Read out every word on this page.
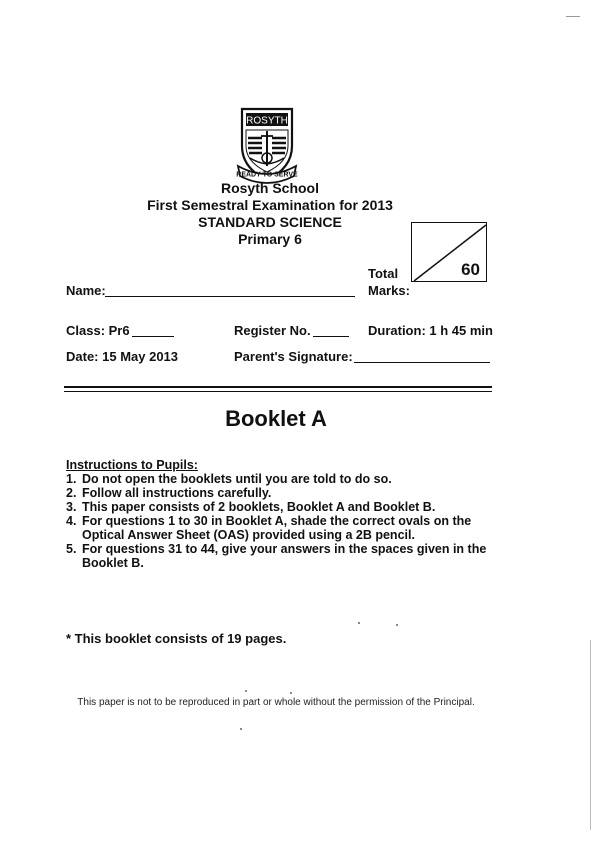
ROSYTH
READY TO SERVE
Rosyth School
First Semestral Examination for 2013
STANDARD SCIENCE
Primary 6
Total
Marks:
60
Name:
Class: Pr6	Register No.	Duration: 1 h 45 min
Date: 15 May 2013	Parent's Signature:
Booklet A
Instructions to Pupils:
1. Do not open the booklets until you are told to do so.
2. Follow all instructions carefully.
3. This paper consists of 2 booklets, Booklet A and Booklet B.
4. For questions 1 to 30 in Booklet A, shade the correct ovals on the Optical Answer Sheet (OAS) provided using a 2B pencil.
5. For questions 31 to 44, give your answers in the spaces given in the Booklet B.
* This booklet consists of 19 pages.
This paper is not to be reproduced in part or whole without the permission of the Principal.
